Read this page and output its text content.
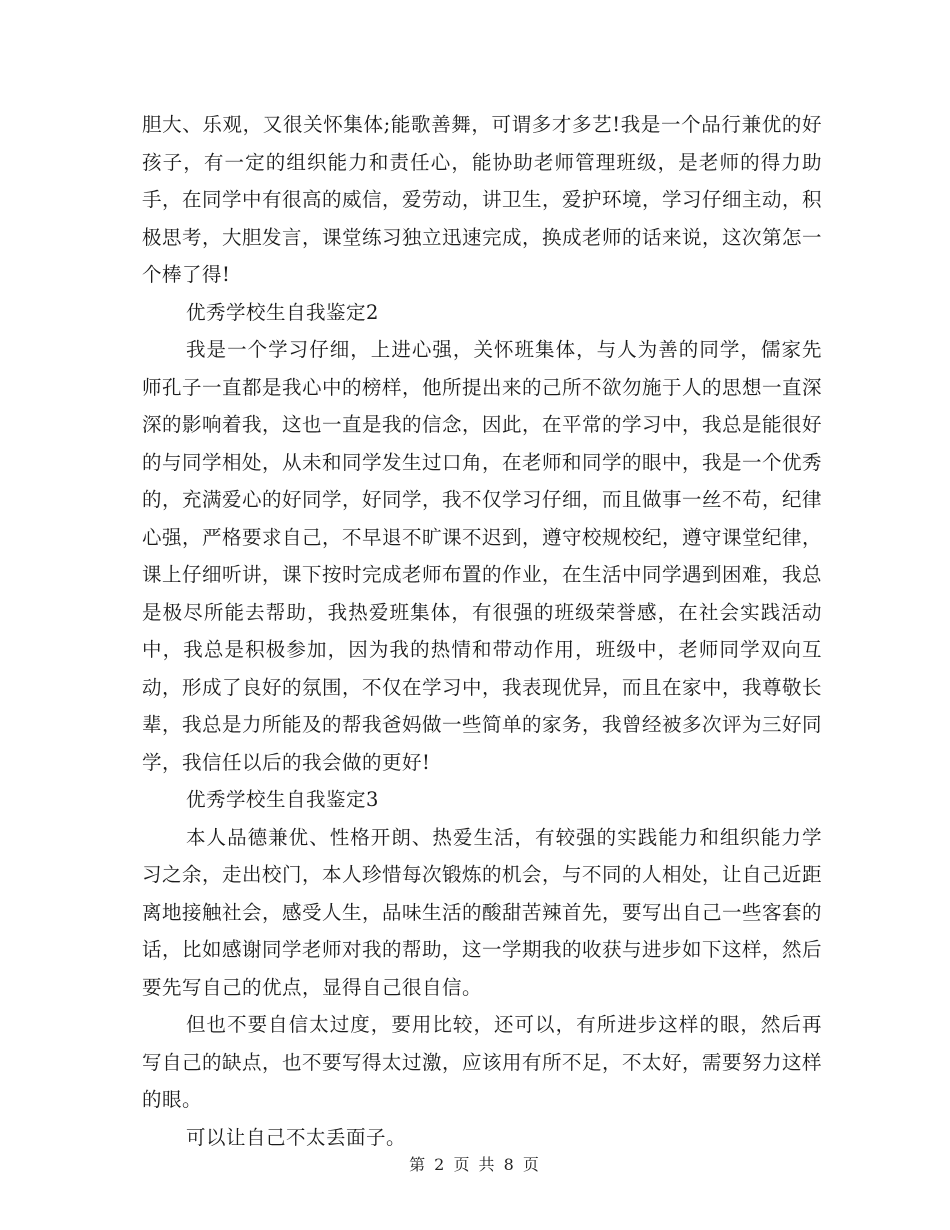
胆大、乐观，又很关怀集体;能歌善舞，可谓多才多艺!我是一个品行兼优的好孩子，有一定的组织能力和责任心，能协助老师管理班级，是老师的得力助手，在同学中有很高的威信，爱劳动，讲卫生，爱护环境，学习仔细主动，积极思考，大胆发言，课堂练习独立迅速完成，换成老师的话来说，这次第怎一个棒了得!

优秀学校生自我鉴定2

我是一个学习仔细，上进心强，关怀班集体，与人为善的同学，儒家先师孔子一直都是我心中的榜样，他所提出来的己所不欲勿施于人的思想一直深深的影响着我，这也一直是我的信念，因此，在平常的学习中，我总是能很好的与同学相处，从未和同学发生过口角，在老师和同学的眼中，我是一个优秀的，充满爱心的好同学，好同学，我不仅学习仔细，而且做事一丝不苟，纪律心强，严格要求自己，不早退不旷课不迟到，遵守校规校纪，遵守课堂纪律，课上仔细听讲，课下按时完成老师布置的作业，在生活中同学遇到困难，我总是极尽所能去帮助，我热爱班集体，有很强的班级荣誉感，在社会实践活动中，我总是积极参加，因为我的热情和带动作用，班级中，老师同学双向互动，形成了良好的氛围，不仅在学习中，我表现优异，而且在家中，我尊敬长辈，我总是力所能及的帮我爸妈做一些简单的家务，我曾经被多次评为三好同学，我信任以后的我会做的更好!

优秀学校生自我鉴定3

本人品德兼优、性格开朗、热爱生活，有较强的实践能力和组织能力学习之余，走出校门，本人珍惜每次锻炼的机会，与不同的人相处，让自己近距离地接触社会，感受人生，品味生活的酸甜苦辣首先，要写出自己一些客套的话，比如感谢同学老师对我的帮助，这一学期我的收获与进步如下这样，然后要先写自己的优点，显得自己很自信。

但也不要自信太过度，要用比较，还可以，有所进步这样的眼，然后再写自己的缺点，也不要写得太过激，应该用有所不足，不太好，需要努力这样的眼。

可以让自己不太丢面子。

第 2 页 共 8 页
